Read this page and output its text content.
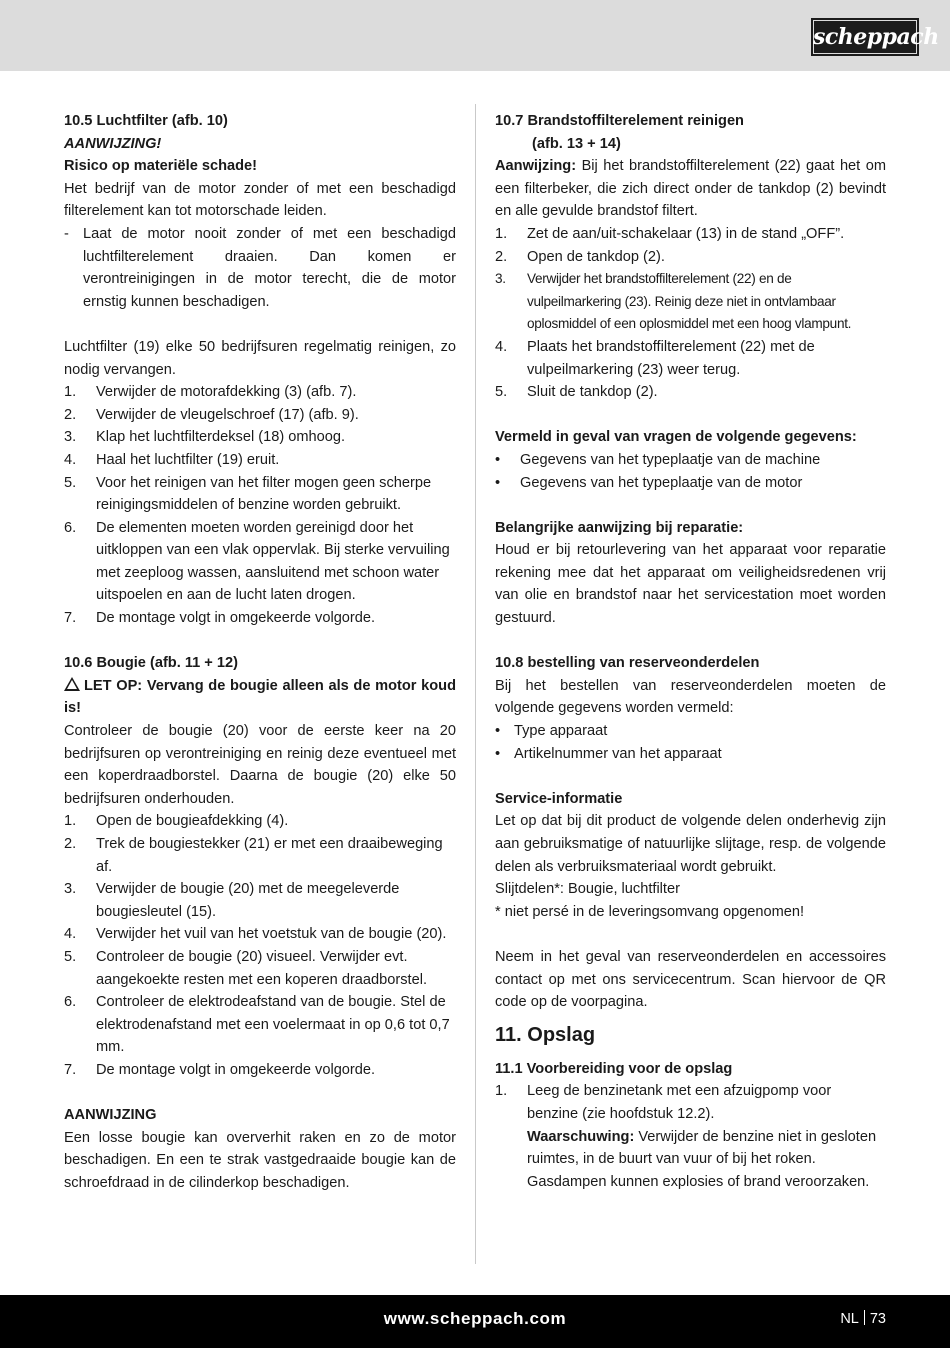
scheppach

10.5 Luchtfilter (afb. 10)

AANWIJZING!

Risico op materiële schade!

Het bedrijf van de motor zonder of met een beschadigd filterelement kan tot motorschade leiden.

- Laat de motor nooit zonder of met een beschadigd luchtfilterelement draaien. Dan komen er verontreinigingen in de motor terecht, die de motor ernstig kunnen beschadigen.

Luchtfilter (19) elke 50 bedrijfsuren regelmatig reinigen, zo nodig vervangen.

1. Verwijder de motorafdekking (3) (afb. 7).
2. Verwijder de vleugelschroef (17) (afb. 9).
3. Klap het luchtfilterdeksel (18) omhoog.
4. Haal het luchtfilter (19) eruit.
5. Voor het reinigen van het filter mogen geen scherpe reinigingsmiddelen of benzine worden gebruikt.
6. De elementen moeten worden gereinigd door het uitkloppen van een vlak oppervlak. Bij sterke vervuiling met zeeploog wassen, aansluitend met schoon water uitspoelen en aan de lucht laten drogen.
7. De montage volgt in omgekeerde volgorde.

10.6 Bougie (afb. 11 + 12)

LET OP: Vervang de bougie alleen als de motor koud is!

Controleer de bougie (20) voor de eerste keer na 20 bedrijfsuren op verontreiniging en reinig deze eventueel met een koperdraadborstel. Daarna de bougie (20) elke 50 bedrijfsuren onderhouden.

1. Open de bougieafdekking (4).
2. Trek de bougiestekker (21) er met een draaibeweging af.
3. Verwijder de bougie (20) met de meegeleverde bougiesleutel (15).
4. Verwijder het vuil van het voetstuk van de bougie (20).
5. Controleer de bougie (20) visueel. Verwijder evt. aangekoekte resten met een koperen draadborstel.
6. Controleer de elektrodeafstand van de bougie. Stel de elektrodenafstand met een voelermaat in op 0,6 tot 0,7 mm.
7. De montage volgt in omgekeerde volgorde.

AANWIJZING

Een losse bougie kan oververhit raken en zo de motor beschadigen. En een te strak vastgedraaide bougie kan de schroefdraad in de cilinderkop beschadigen.

10.7 Brandstoffilterelement reinigen

(afb. 13 + 14)

Aanwijzing: Bij het brandstoffilterelement (22) gaat het om een filterbeker, die zich direct onder de tankdop (2) bevindt en alle gevulde brandstof filtert.

1. Zet de aan/uit-schakelaar (13) in de stand „OFF”.
2. Open de tankdop (2).
3. Verwijder het brandstoffilterelement (22) en de vulpeilmarkering (23). Reinig deze niet in ontvlambaar oplosmiddel of een oplosmiddel met een hoog vlampunt.
4. Plaats het brandstoffilterelement (22) met de vulpeilmarkering (23) weer terug.
5. Sluit de tankdop (2).

Vermeld in geval van vragen de volgende gegevens:

• Gegevens van het typeplaatje van de machine
• Gegevens van het typeplaatje van de motor

Belangrijke aanwijzing bij reparatie:

Houd er bij retourlevering van het apparaat voor reparatie rekening mee dat het apparaat om veiligheidsredenen vrij van olie en brandstof naar het servicestation moet worden gestuurd.

10.8 bestelling van reserveonderdelen

Bij het bestellen van reserveonderdelen moeten de volgende gegevens worden vermeld:

• Type apparaat
• Artikelnummer van het apparaat

Service-informatie

Let op dat bij dit product de volgende delen onderhevig zijn aan gebruiksmatige of natuurlijke slijtage, resp. de volgende delen als verbruiksmateriaal wordt gebruikt.

Slijtdelen*: Bougie, luchtfilter

* niet persé in de leveringsomvang opgenomen!

Neem in het geval van reserveonderdelen en accessoires contact op met ons servicecentrum. Scan hiervoor de QR code op de voorpagina.

11. Opslag

11.1 Voorbereiding voor de opslag

1. Leeg de benzinetank met een afzuigpomp voor benzine (zie hoofdstuk 12.2).
Waarschuwing: Verwijder de benzine niet in gesloten ruimtes, in de buurt van vuur of bij het roken. Gasdampen kunnen explosies of brand veroorzaken.
www.scheppach.com	NL 73
